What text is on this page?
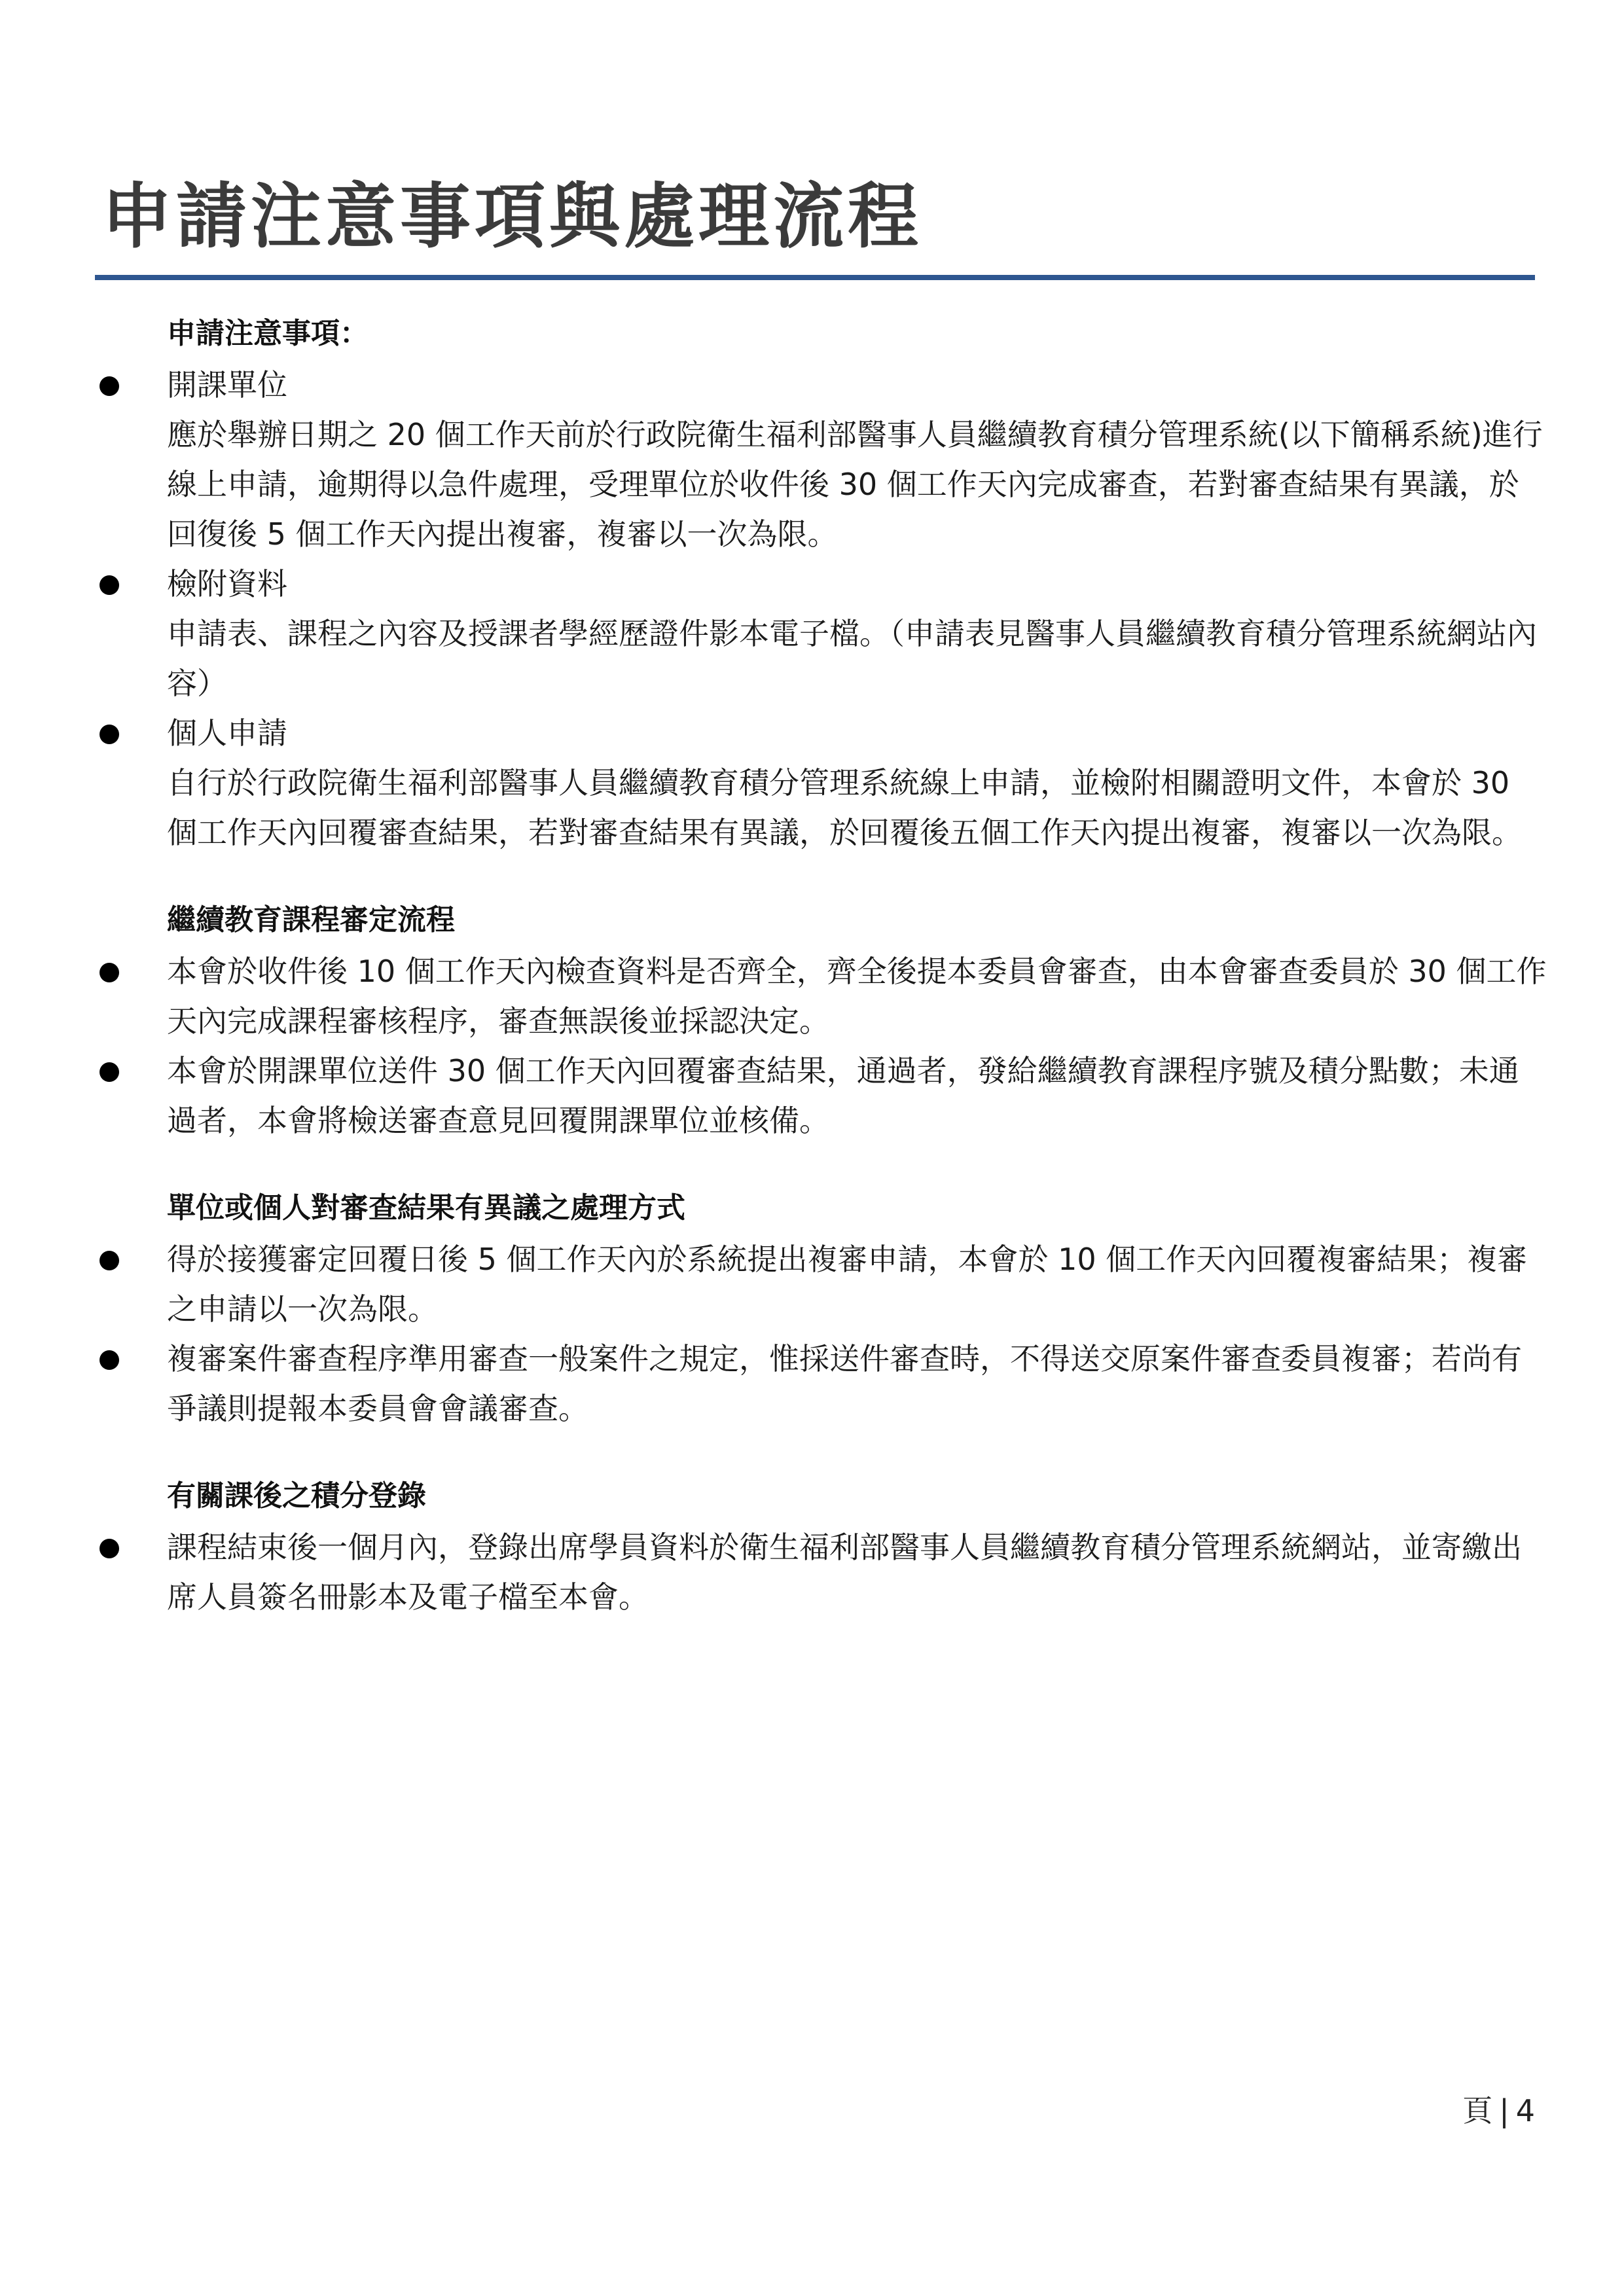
申請注意事項與處理流程
申請注意事項：

開課單位

應於舉辦日期之 20 個工作天前於行政院衛生福利部醫事人員繼續教育積分管理系統(以下簡稱系統)進行線上申請，逾期得以急件處理，受理單位於收件後 30 個工作天內完成審查，若對審查結果有異議，於回復後 5 個工作天內提出複審，複審以一次為限。

檢附資料

申請表、課程之內容及授課者學經歷證件影本電子檔。（申請表見醫事人員繼續教育積分管理系統網站內容）

個人申請

自行於行政院衛生福利部醫事人員繼續教育積分管理系統線上申請，並檢附相關證明文件，本會於 30 個工作天內回覆審查結果，若對審查結果有異議，於回覆後五個工作天內提出複審，複審以一次為限。

繼續教育課程審定流程

本會於收件後 10 個工作天內檢查資料是否齊全，齊全後提本委員會審查，由本會審查委員於 30 個工作天內完成課程審核程序，審查無誤後並採認決定。

本會於開課單位送件 30 個工作天內回覆審查結果，通過者，發給繼續教育課程序號及積分點數；未通過者，本會將檢送審查意見回覆開課單位並核備。

單位或個人對審查結果有異議之處理方式

得於接獲審定回覆日後 5 個工作天內於系統提出複審申請，本會於 10 個工作天內回覆複審結果；複審之申請以一次為限。

複審案件審查程序準用審查一般案件之規定，惟採送件審查時，不得送交原案件審查委員複審；若尚有爭議則提報本委員會會議審查。

有關課後之積分登錄

課程結束後一個月內，登錄出席學員資料於衛生福利部醫事人員繼續教育積分管理系統網站，並寄繳出席人員簽名冊影本及電子檔至本會。

頁 | 4
